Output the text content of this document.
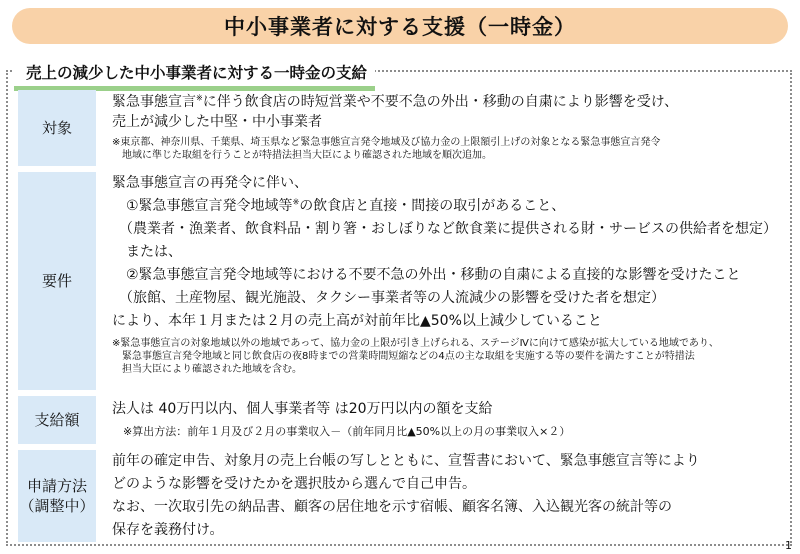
中小事業者に対する支援（一時金）
売上の減少した中小事業者に対する一時金の支給
対象
緊急事態宣言※に伴う飲食店の時短営業や不要不急の外出・移動の自粛により影響を受け、
売上が減少した中堅・中小事業者
※東京都、神奈川県、千葉県、埼玉県など緊急事態宣言発令地域及び協力金の上限額引上げの対象となる緊急事態宣言発令
　地域に準じた取組を行うことが特措法担当大臣により確認された地域を順次追加。
要件
緊急事態宣言の再発令に伴い、
　①緊急事態宣言発令地域等※の飲食店と直接・間接の取引があること、
　（農業者・漁業者、飲食料品・割り箸・おしぼりなど飲食業に提供される財・サービスの供給者を想定）
　または、
　②緊急事態宣言発令地域等における不要不急の外出・移動の自粛による直接的な影響を受けたこと
　（旅館、土産物屋、観光施設、タクシー事業者等の人流減少の影響を受けた者を想定）
により、本年１月または２月の売上高が対前年比▲50%以上減少していること
※緊急事態宣言の対象地域以外の地域であって、協力金の上限が引き上げられる、ステージⅣに向けて感染が拡大している地域であり、
　緊急事態宣言発令地域と同じ飲食店の夜8時までの営業時間短縮などの4点の主な取組を実施する等の要件を満たすことが特措法
　担当大臣により確認された地域を含む。
支給額
法人は 40万円以内、個人事業者等 は20万円以内の額を支給
　※算出方法：前年１月及び２月の事業収入－（前年同月比▲50%以上の月の事業収入×２）
申請方法
（調整中）
前年の確定申告、対象月の売上台帳の写しとともに、宣誓書において、緊急事態宣言等により
どのような影響を受けたかを選択肢から選んで自己申告。
なお、一次取引先の納品書、顧客の居住地を示す宿帳、顧客名簿、入込観光客の統計等の
保存を義務付け。
1
